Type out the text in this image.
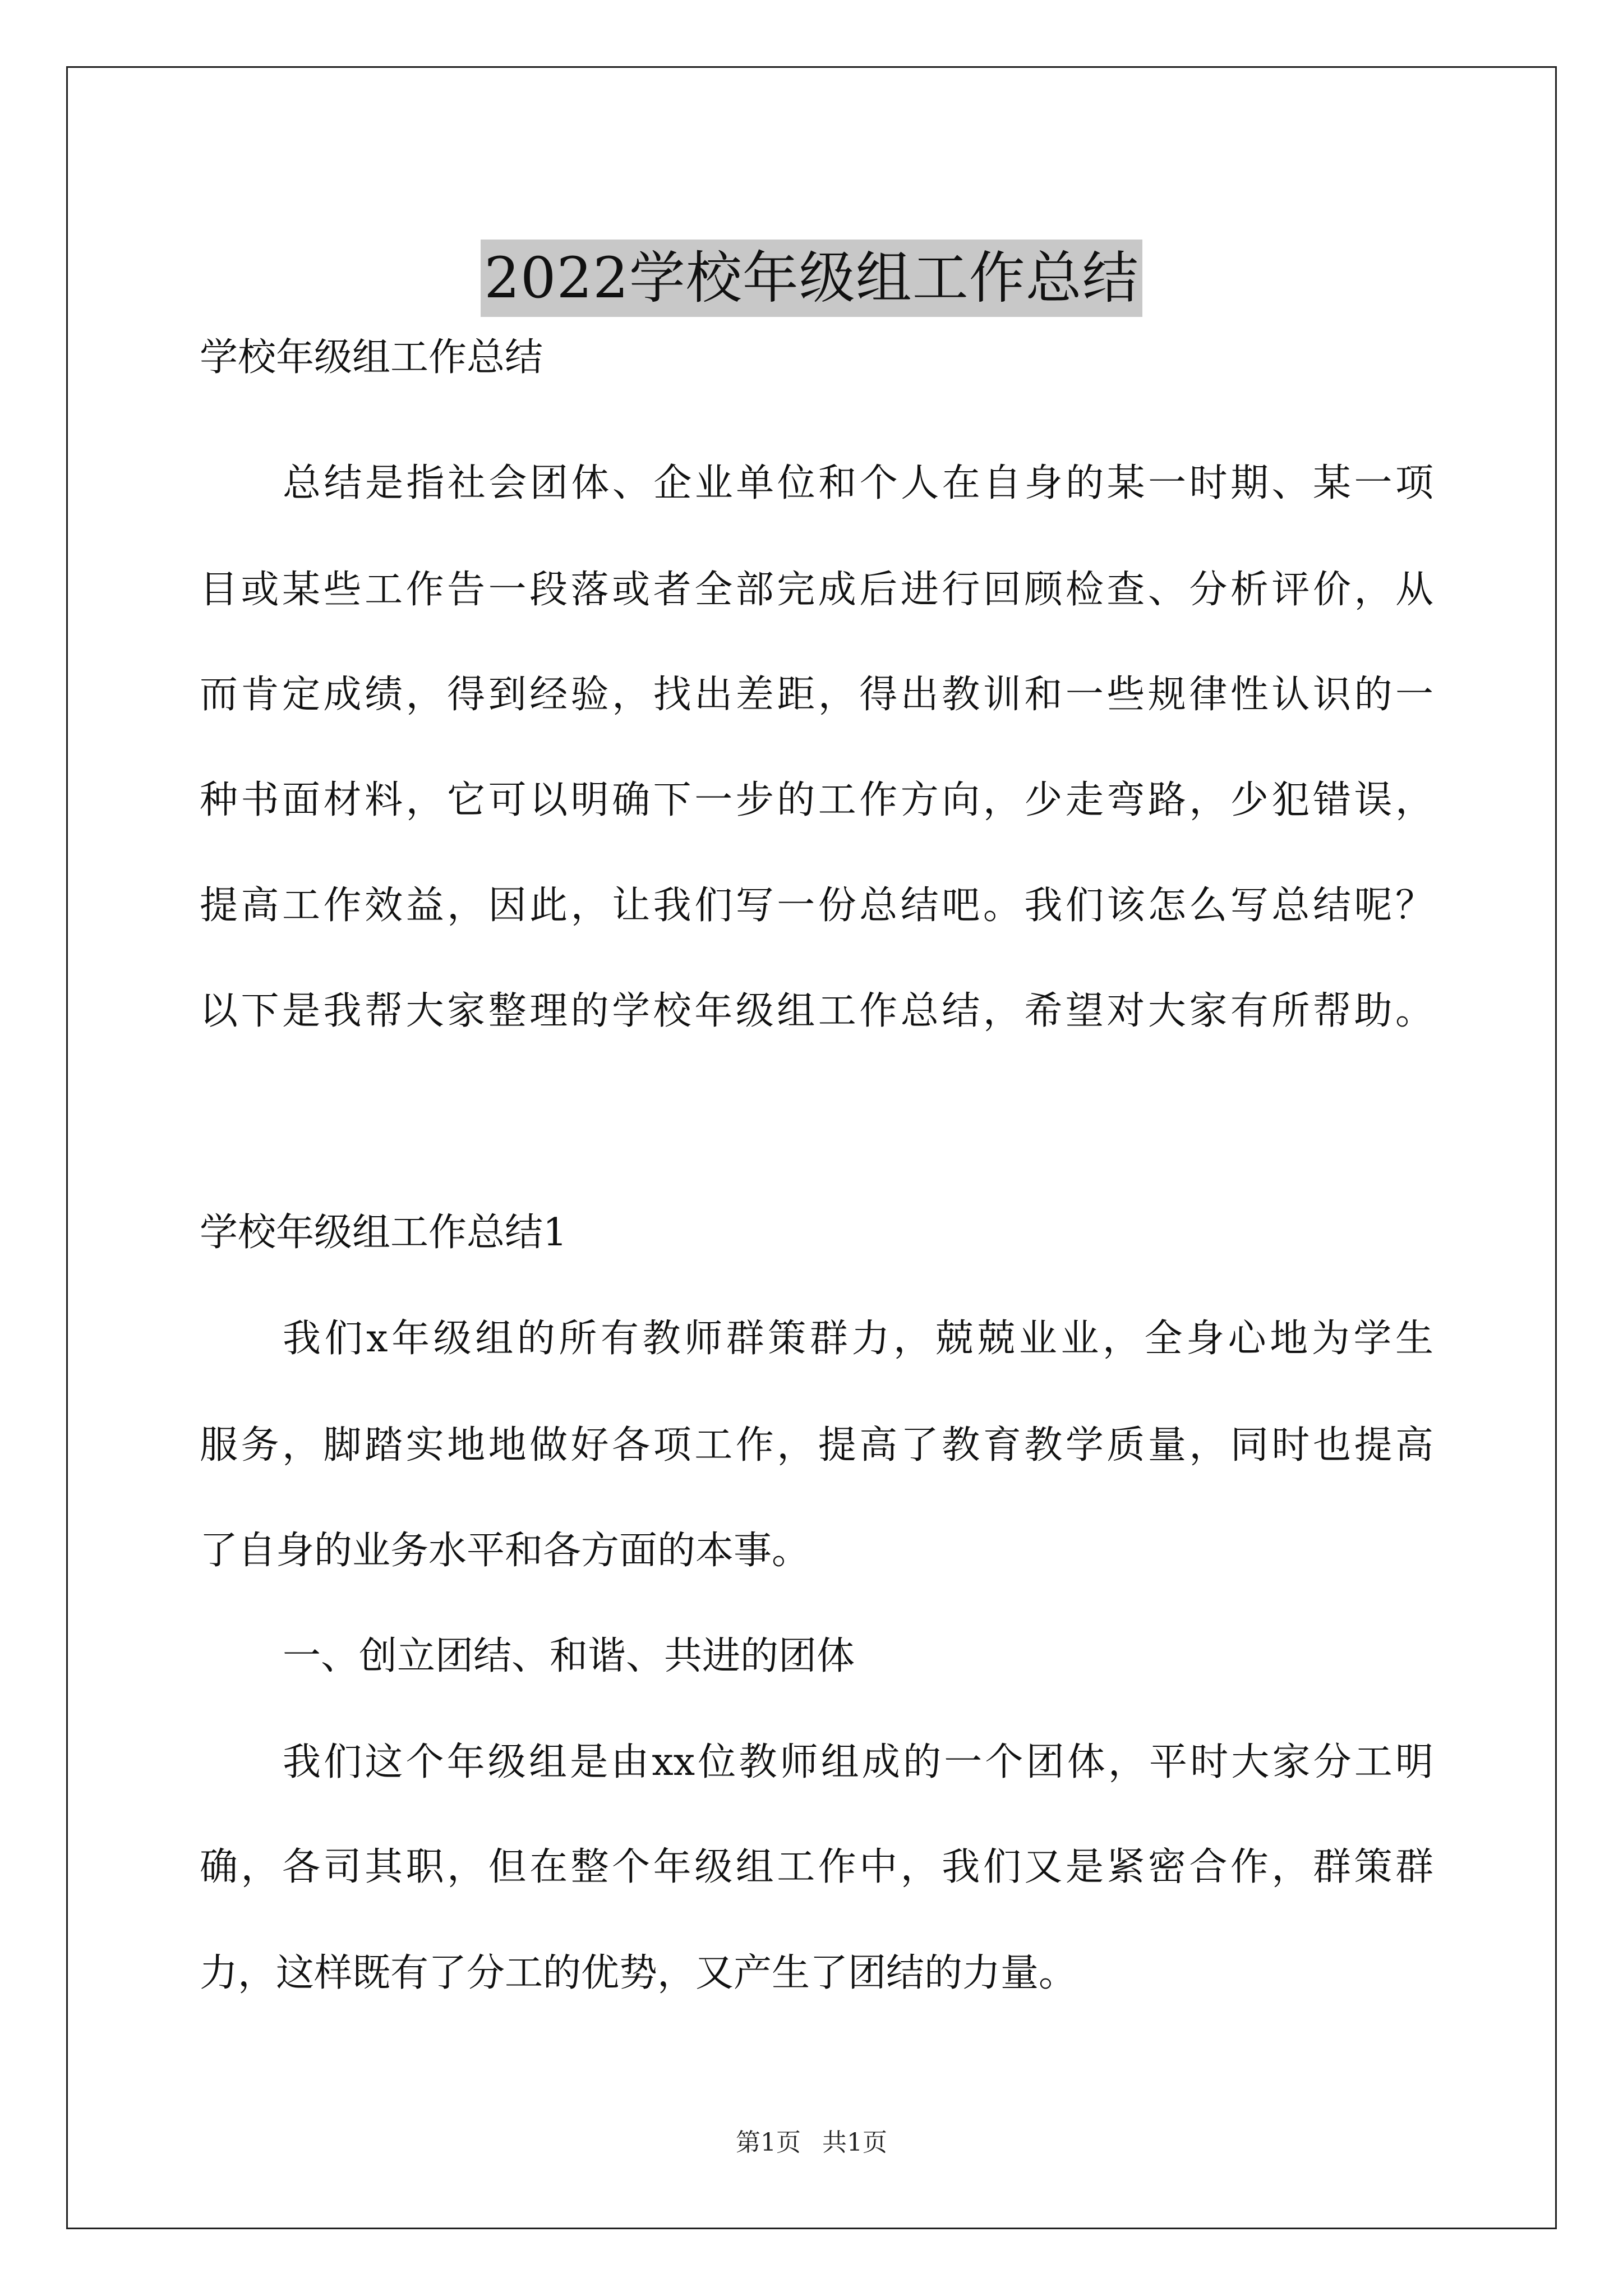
2022学校年级组工作总结

学校年级组工作总结

总结是指社会团体、企业单位和个人在自身的某一时期、某一项

目或某些工作告一段落或者全部完成后进行回顾检查、分析评价，从

而肯定成绩，得到经验，找出差距，得出教训和一些规律性认识的一

种书面材料，它可以明确下一步的工作方向，少走弯路，少犯错误，

提高工作效益，因此，让我们写一份总结吧。我们该怎么写总结呢？

以下是我帮大家整理的学校年级组工作总结，希望对大家有所帮助。

学校年级组工作总结1

我们x年级组的所有教师群策群力，兢兢业业，全身心地为学生

服务，脚踏实地地做好各项工作，提高了教育教学质量，同时也提高

了自身的业务水平和各方面的本事。

一、创立团结、和谐、共进的团体

我们这个年级组是由xx位教师组成的一个团体，平时大家分工明

确，各司其职，但在整个年级组工作中，我们又是紧密合作，群策群

力，这样既有了分工的优势，又产生了团结的力量。

第1页 共1页
